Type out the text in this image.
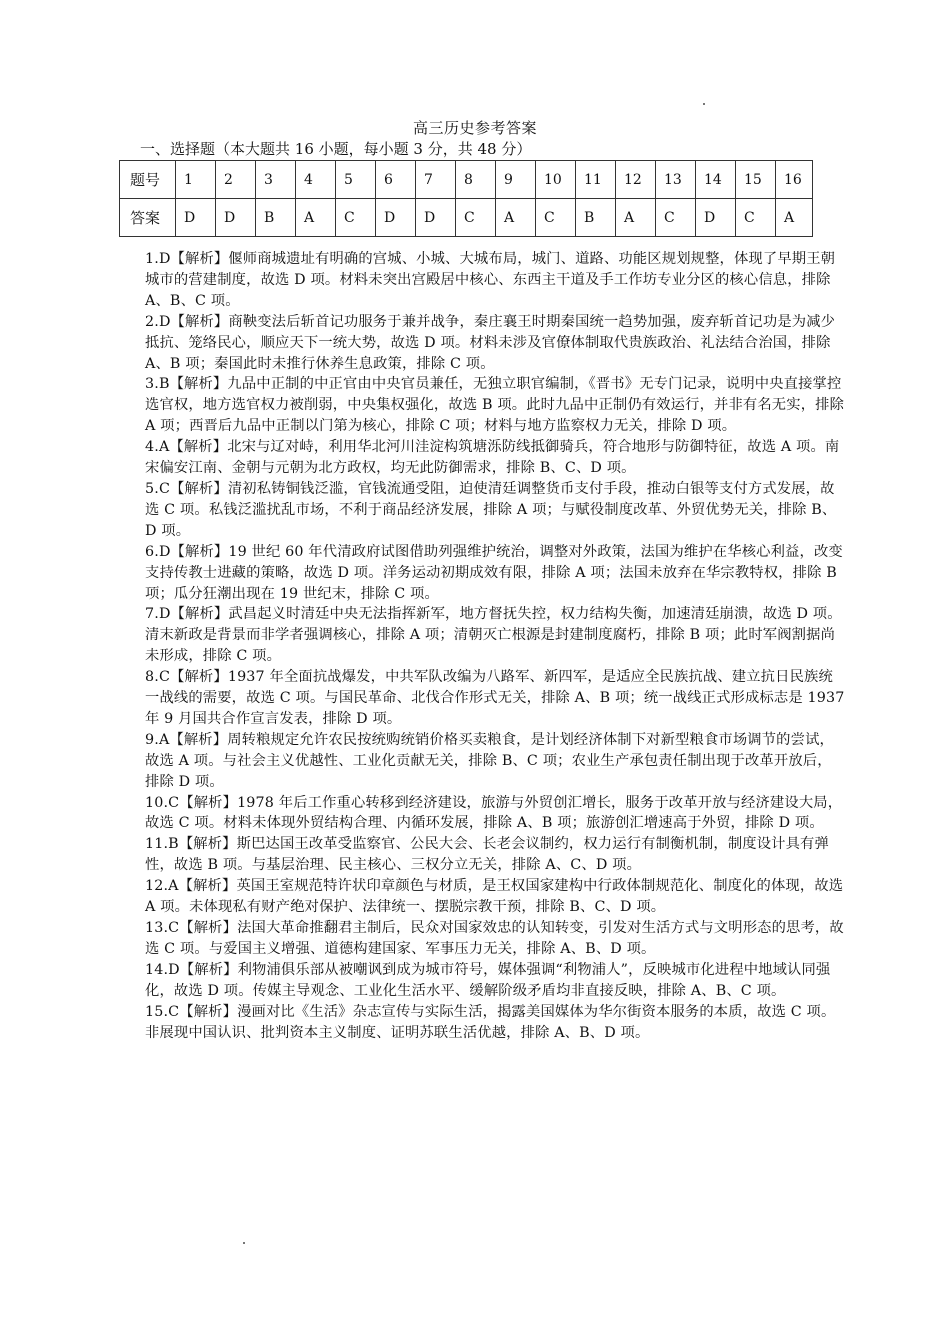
高三历史参考答案
一、选择题（本大题共 16 小题，每小题 3 分，共 48 分）
题号	1	2	3	4	5	6	7	8	9	10	11	12	13	14	15	16
答案	D	D	B	A	C	D	D	C	A	C	B	A	C	D	C	A

1.D【解析】偃师商城遗址有明确的宫城、小城、大城布局，城门、道路、功能区规划规整，体现了早期王朝城市的营建制度，故选 D 项。材料未突出宫殿居中核心、东西主干道及手工作坊专业分区的核心信息，排除 A、B、C 项。

2.D【解析】商鞅变法后斩首记功服务于兼并战争，秦庄襄王时期秦国统一趋势加强，废弃斩首记功是为减少抵抗、笼络民心，顺应天下一统大势，故选 D 项。材料未涉及官僚体制取代贵族政治、礼法结合治国，排除 A、B 项；秦国此时未推行休养生息政策，排除 C 项。

3.B【解析】九品中正制的中正官由中央官员兼任，无独立职官编制，《晋书》无专门记录，说明中央直接掌控选官权，地方选官权力被削弱，中央集权强化，故选 B 项。此时九品中正制仍有效运行，并非有名无实，排除 A 项；西晋后九品中正制以门第为核心，排除 C 项；材料与地方监察权力无关，排除 D 项。

4.A【解析】北宋与辽对峙，利用华北河川洼淀构筑塘泺防线抵御骑兵，符合地形与防御特征，故选 A 项。南宋偏安江南、金朝与元朝为北方政权，均无此防御需求，排除 B、C、D 项。

5.C【解析】清初私铸铜钱泛滥，官钱流通受阻，迫使清廷调整货币支付手段，推动白银等支付方式发展，故选 C 项。私钱泛滥扰乱市场，不利于商品经济发展，排除 A 项；与赋役制度改革、外贸优势无关，排除 B、D 项。

6.D【解析】19 世纪 60 年代清政府试图借助列强维护统治，调整对外政策，法国为维护在华核心利益，改变支持传教士进藏的策略，故选 D 项。洋务运动初期成效有限，排除 A 项；法国未放弃在华宗教特权，排除 B 项；瓜分狂潮出现在 19 世纪末，排除 C 项。

7.D【解析】武昌起义时清廷中央无法指挥新军，地方督抚失控，权力结构失衡，加速清廷崩溃，故选 D 项。清末新政是背景而非学者强调核心，排除 A 项；清朝灭亡根源是封建制度腐朽，排除 B 项；此时军阀割据尚未形成，排除 C 项。

8.C【解析】1937 年全面抗战爆发，中共军队改编为八路军、新四军，是适应全民族抗战、建立抗日民族统一战线的需要，故选 C 项。与国民革命、北伐合作形式无关，排除 A、B 项；统一战线正式形成标志是 1937 年 9 月国共合作宣言发表，排除 D 项。

9.A【解析】周转粮规定允许农民按统购统销价格买卖粮食，是计划经济体制下对新型粮食市场调节的尝试，故选 A 项。与社会主义优越性、工业化贡献无关，排除 B、C 项；农业生产承包责任制出现于改革开放后，排除 D 项。

10.C【解析】1978 年后工作重心转移到经济建设，旅游与外贸创汇增长，服务于改革开放与经济建设大局，故选 C 项。材料未体现外贸结构合理、内循环发展，排除 A、B 项；旅游创汇增速高于外贸，排除 D 项。

11.B【解析】斯巴达国王改革受监察官、公民大会、长老会议制约，权力运行有制衡机制，制度设计具有弹性，故选 B 项。与基层治理、民主核心、三权分立无关，排除 A、C、D 项。

12.A【解析】英国王室规范特许状印章颜色与材质，是王权国家建构中行政体制规范化、制度化的体现，故选 A 项。未体现私有财产绝对保护、法律统一、摆脱宗教干预，排除 B、C、D 项。

13.C【解析】法国大革命推翻君主制后，民众对国家效忠的认知转变，引发对生活方式与文明形态的思考，故选 C 项。与爱国主义增强、道德构建国家、军事压力无关，排除 A、B、D 项。

14.D【解析】利物浦俱乐部从被嘲讽到成为城市符号，媒体强调“利物浦人”，反映城市化进程中地域认同强化，故选 D 项。传媒主导观念、工业化生活水平、缓解阶级矛盾均非直接反映，排除 A、B、C 项。

15.C【解析】漫画对比《生活》杂志宣传与实际生活，揭露美国媒体为华尔街资本服务的本质，故选 C 项。非展现中国认识、批判资本主义制度、证明苏联生活优越，排除 A、B、D 项。
